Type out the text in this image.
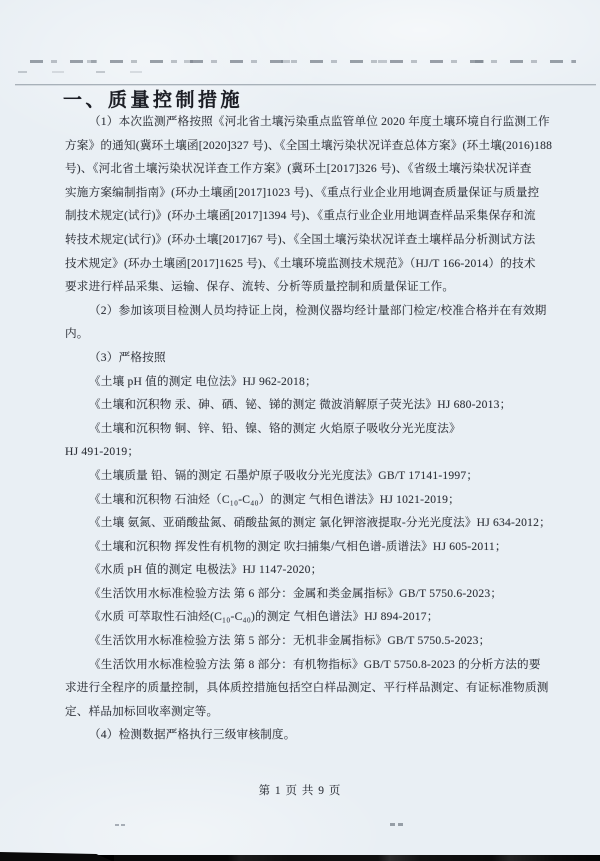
一、质量控制措施
（1）本次监测严格按照《河北省土壤污染重点监管单位 2020 年度土壤环境自行监测工作
方案》的通知(冀环土壤函[2020]327 号)、《全国土壤污染状况详查总体方案》(环土壤(2016)188
号)、《河北省土壤污染状况详查工作方案》(冀环土[2017]326 号)、《省级土壤污染状况详查
实施方案编制指南》(环办土壤函[2017]1023 号)、《重点行业企业用地调查质量保证与质量控
制技术规定(试行)》(环办土壤函[2017]1394 号)、《重点行业企业用地调查样品采集保存和流
转技术规定(试行)》(环办土壤[2017]67 号)、《全国土壤污染状况详查土壤样品分析测试方法
技术规定》(环办土壤函[2017]1625 号)、《土壤环境监测技术规范》（HJ/T 166-2014）的技术
要求进行样品采集、运输、保存、流转、分析等质量控制和质量保证工作。
（2）参加该项目检测人员均持证上岗，检测仪器均经计量部门检定/校准合格并在有效期
内。
（3）严格按照
《土壤 pH 值的测定 电位法》HJ 962-2018；
《土壤和沉积物 汞、砷、硒、铋、锑的测定 微波消解原子荧光法》HJ 680-2013；
《土壤和沉积物 铜、锌、铅、镍、铬的测定 火焰原子吸收分光光度法》
HJ 491-2019；
《土壤质量 铅、镉的测定 石墨炉原子吸收分光光度法》GB/T 17141-1997；
《土壤和沉积物 石油烃（C₁₀-C₄₀）的测定 气相色谱法》HJ 1021-2019；
《土壤 氨氮、亚硝酸盐氮、硝酸盐氮的测定 氯化钾溶液提取-分光光度法》HJ 634-2012；
《土壤和沉积物 挥发性有机物的测定 吹扫捕集/气相色谱-质谱法》HJ 605-2011；
《水质 pH 值的测定 电极法》HJ 1147-2020；
《生活饮用水标准检验方法 第 6 部分：金属和类金属指标》GB/T 5750.6-2023；
《水质 可萃取性石油烃(C₁₀-C₄₀)的测定 气相色谱法》HJ 894-2017；
《生活饮用水标准检验方法 第 5 部分：无机非金属指标》GB/T 5750.5-2023；
《生活饮用水标准检验方法 第 8 部分：有机物指标》GB/T 5750.8-2023 的分析方法的要
求进行全程序的质量控制，具体质控措施包括空白样品测定、平行样品测定、有证标准物质测
定、样品加标回收率测定等。
（4）检测数据严格执行三级审核制度。
第 1 页 共 9 页
